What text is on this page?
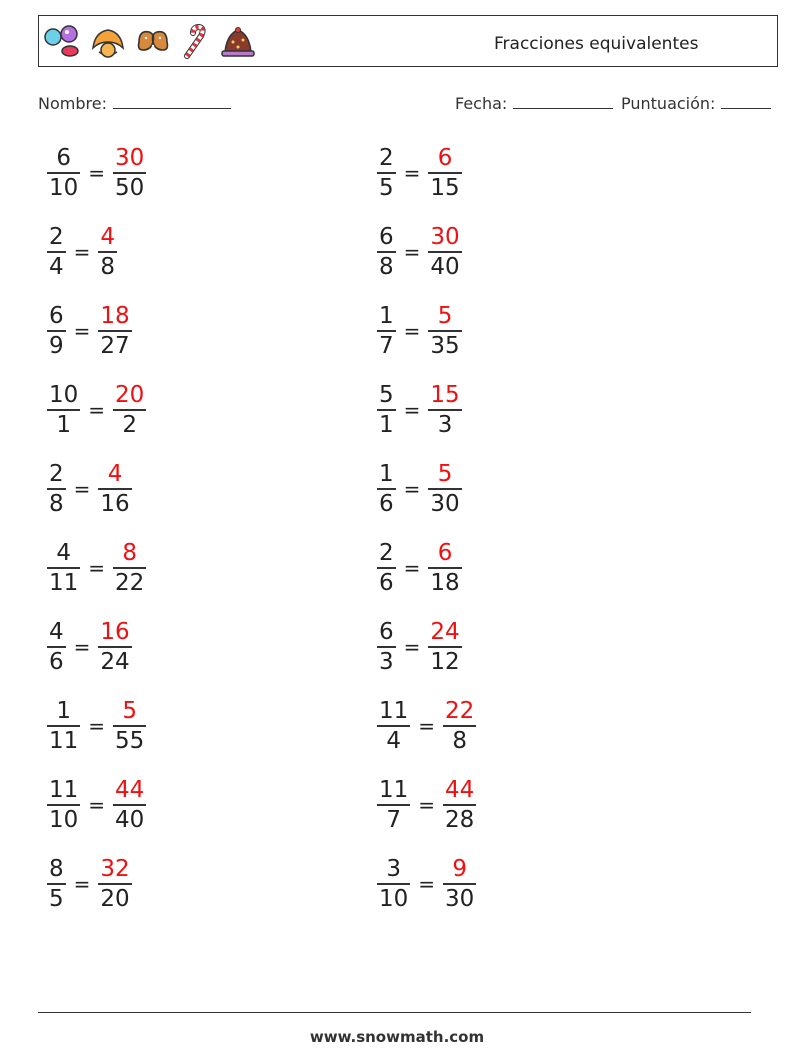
Fracciones equivalentes
Nombre:	Fecha:	Puntuación:
$\frac{6}{10} = \frac{30}{50}$
$\frac{2}{4} = \frac{4}{8}$
$\frac{6}{9} = \frac{18}{27}$
$\frac{10}{1} = \frac{20}{2}$
$\frac{2}{8} = \frac{4}{16}$
$\frac{4}{11} = \frac{8}{22}$
$\frac{4}{6} = \frac{16}{24}$
$\frac{1}{11} = \frac{5}{55}$
$\frac{11}{10} = \frac{44}{40}$
$\frac{8}{5} = \frac{32}{20}$
$\frac{2}{5} = \frac{6}{15}$
$\frac{6}{8} = \frac{30}{40}$
$\frac{1}{7} = \frac{5}{35}$
$\frac{5}{1} = \frac{15}{3}$
$\frac{1}{6} = \frac{5}{30}$
$\frac{2}{6} = \frac{6}{18}$
$\frac{6}{3} = \frac{24}{12}$
$\frac{11}{4} = \frac{22}{8}$
$\frac{11}{7} = \frac{44}{28}$
$\frac{3}{10} = \frac{9}{30}$
www.snowmath.com
